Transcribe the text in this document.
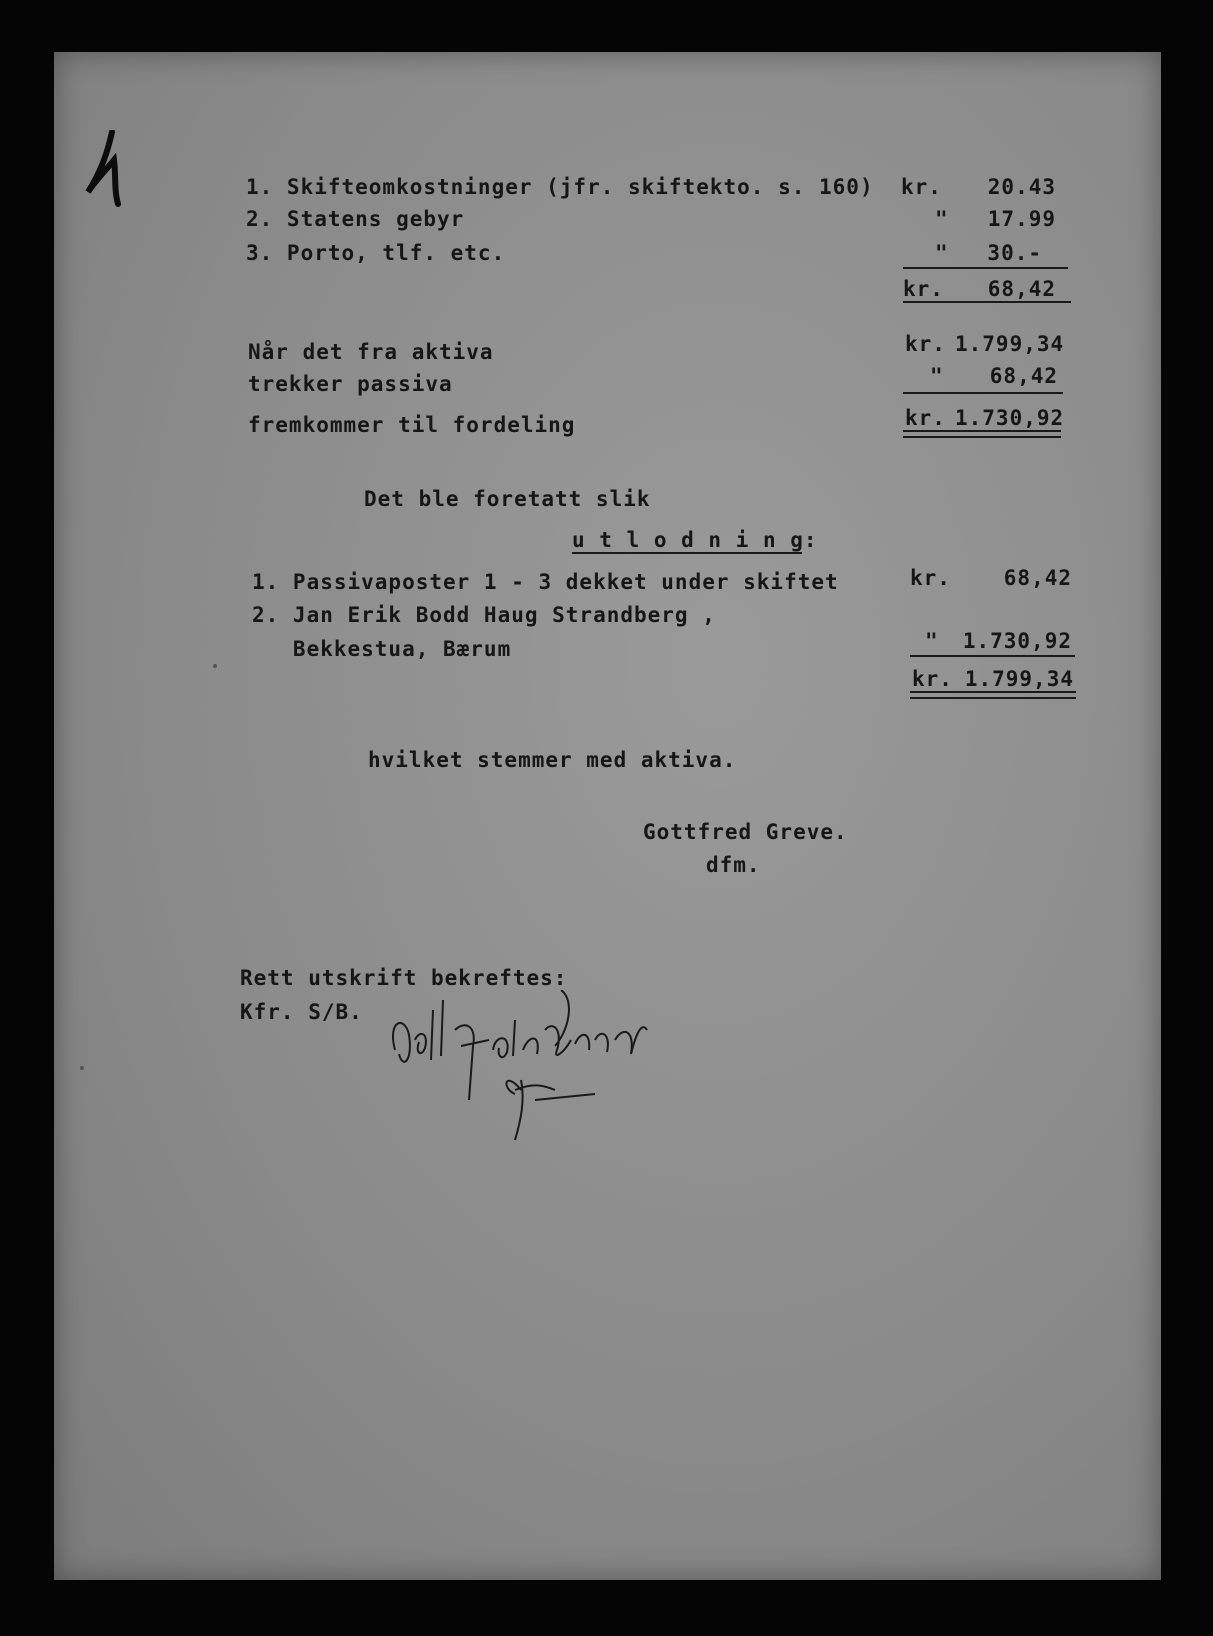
1. Skifteomkostninger (jfr. skiftekto. s. 160) kr.	20.43
2. Statens gebyr	"	17.99
3. Porto, tlf. etc.	"	30.-
kr.	68,42
Når det fra aktiva	kr. 1.799,34
trekker passiva	"	68,42
fremkommer til fordeling	kr. 1.730,92
Det ble foretatt slik
u t l o d n i n g:
1. Passivaposter 1 - 3 dekket under skiftet	kr.	68,42
2. Jan Erik Bodd Haug Strandberg ,
Bekkestua, Bærum	" 1.730,92
kr. 1.799,34
hvilket stemmer med aktiva.
Gottfred Greve.
dfm.
Rett utskrift bekreftes:
Kfr. S/B.
